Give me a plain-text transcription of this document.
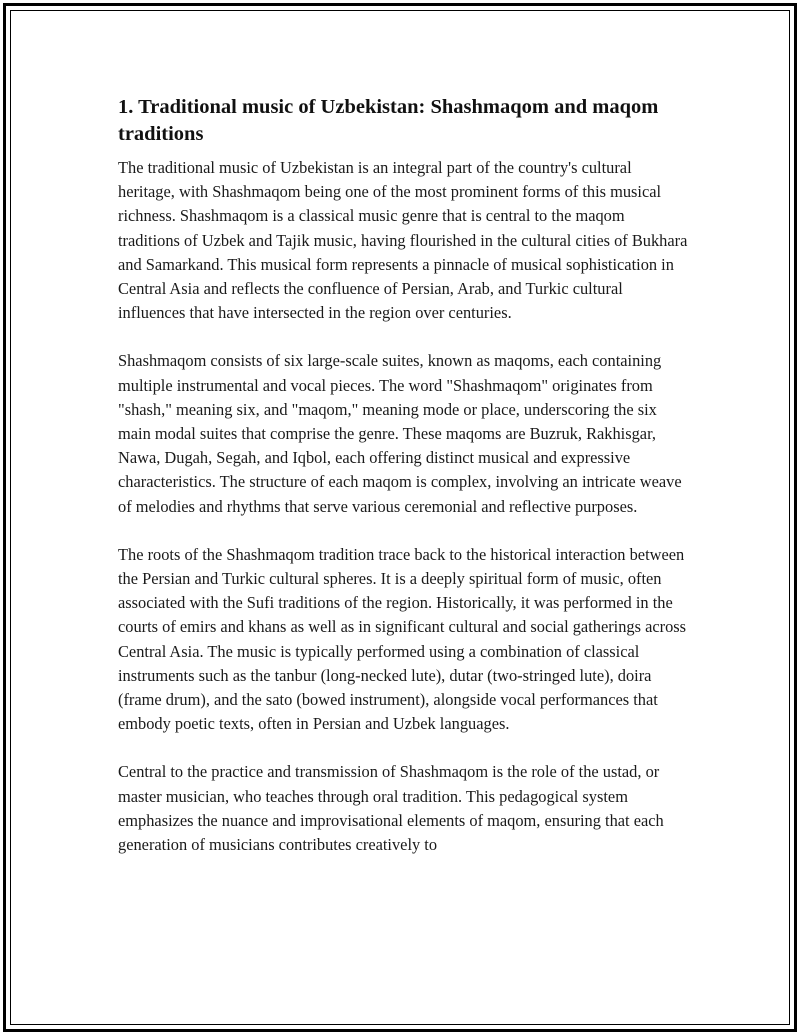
1. Traditional music of Uzbekistan: Shashmaqom and maqom traditions

The traditional music of Uzbekistan is an integral part of the country's cultural heritage, with Shashmaqom being one of the most prominent forms of this musical richness. Shashmaqom is a classical music genre that is central to the maqom traditions of Uzbek and Tajik music, having flourished in the cultural cities of Bukhara and Samarkand. This musical form represents a pinnacle of musical sophistication in Central Asia and reflects the confluence of Persian, Arab, and Turkic cultural influences that have intersected in the region over centuries.

Shashmaqom consists of six large-scale suites, known as maqoms, each containing multiple instrumental and vocal pieces. The word "Shashmaqom" originates from "shash," meaning six, and "maqom," meaning mode or place, underscoring the six main modal suites that comprise the genre. These maqoms are Buzruk, Rakhisgar, Nawa, Dugah, Segah, and Iqbol, each offering distinct musical and expressive characteristics. The structure of each maqom is complex, involving an intricate weave of melodies and rhythms that serve various ceremonial and reflective purposes.

The roots of the Shashmaqom tradition trace back to the historical interaction between the Persian and Turkic cultural spheres. It is a deeply spiritual form of music, often associated with the Sufi traditions of the region. Historically, it was performed in the courts of emirs and khans as well as in significant cultural and social gatherings across Central Asia. The music is typically performed using a combination of classical instruments such as the tanbur (long-necked lute), dutar (two-stringed lute), doira (frame drum), and the sato (bowed instrument), alongside vocal performances that embody poetic texts, often in Persian and Uzbek languages.

Central to the practice and transmission of Shashmaqom is the role of the ustad, or master musician, who teaches through oral tradition. This pedagogical system emphasizes the nuance and improvisational elements of maqom, ensuring that each generation of musicians contributes creatively to
